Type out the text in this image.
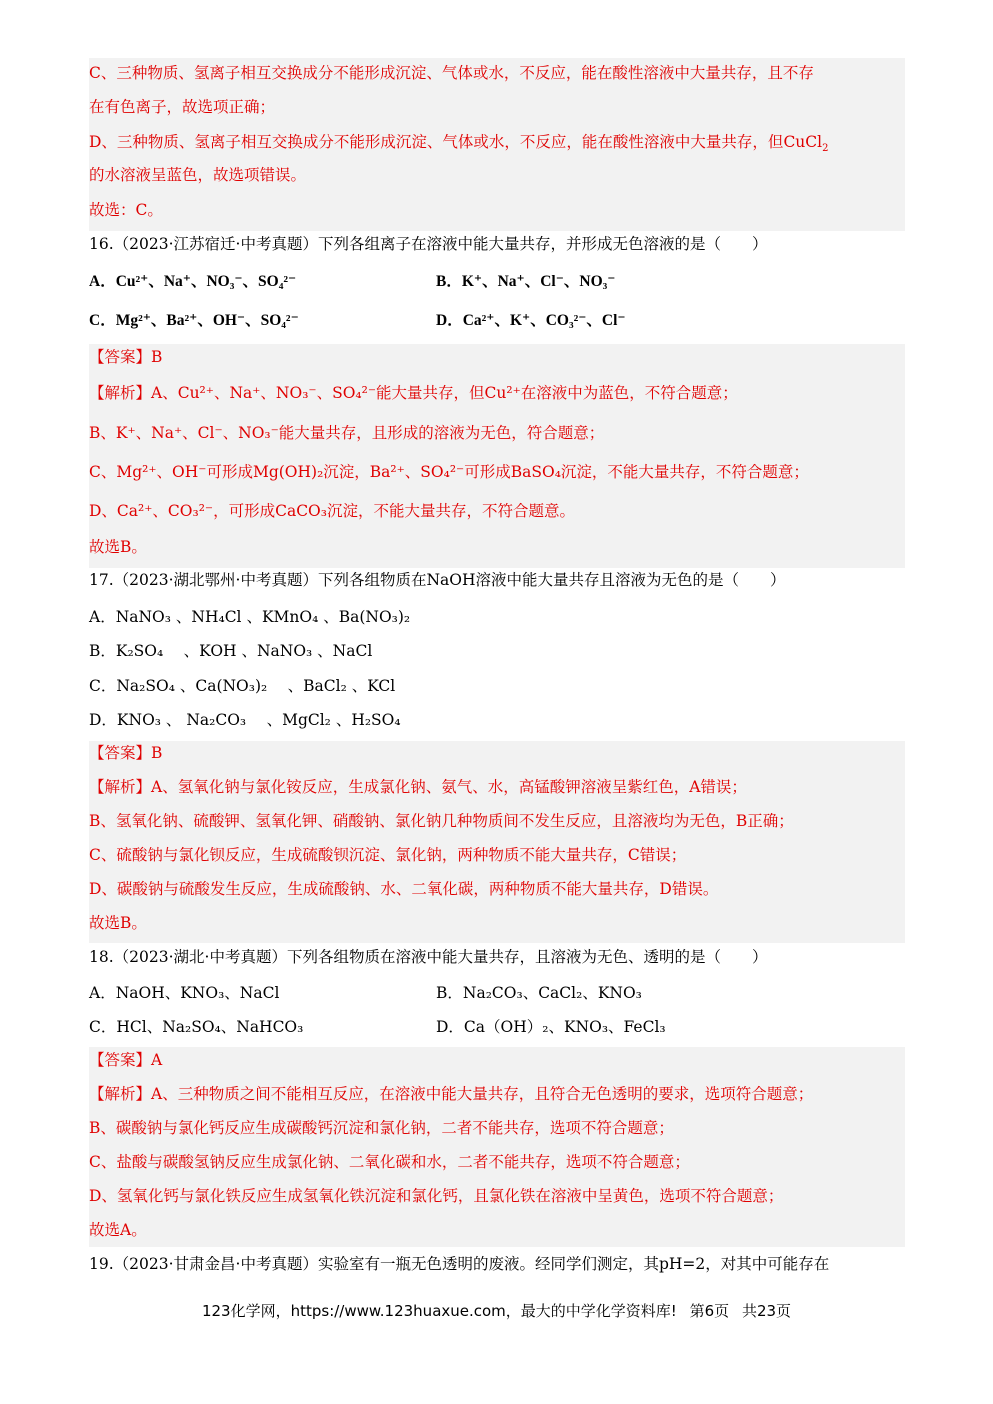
C、三种物质、氢离子相互交换成分不能形成沉淀、气体或水，不反应，能在酸性溶液中大量共存，且不存
在有色离子，故选项正确；
D、三种物质、氢离子相互交换成分不能形成沉淀、气体或水，不反应，能在酸性溶液中大量共存，但CuCl$_2$
的水溶液呈蓝色，故选项错误。
故选：C。
16.（2023·江苏宿迁·中考真题）下列各组离子在溶液中能大量共存，并形成无色溶液的是（　　）
A．Cu²⁺、Na⁺、NO₃⁻、SO₄²⁻	B．K⁺、Na⁺、Cl⁻、NO₃⁻
C．Mg²⁺、Ba²⁺、OH⁻、SO₄²⁻	D．Ca²⁺、K⁺、CO₃²⁻、Cl⁻
【答案】B
【解析】A、Cu²⁺、Na⁺、NO₃⁻、SO₄²⁻能大量共存，但Cu²⁺在溶液中为蓝色，不符合题意；
B、K⁺、Na⁺、Cl⁻、NO₃⁻能大量共存，且形成的溶液为无色，符合题意；
C、Mg²⁺、OH⁻可形成Mg(OH)₂沉淀，Ba²⁺、SO₄²⁻可形成BaSO₄沉淀，不能大量共存，不符合题意；
D、Ca²⁺、CO₃²⁻，可形成CaCO₃沉淀，不能大量共存，不符合题意。
故选B。
17.（2023·湖北鄂州·中考真题）下列各组物质在NaOH溶液中能大量共存且溶液为无色的是（　　）
A．NaNO₃ 、NH₄Cl 、KMnO₄ 、Ba(NO₃)₂
B．K₂SO₄　 、KOH 、NaNO₃ 、NaCl
C．Na₂SO₄ 、Ca(NO₃)₂　 、BaCl₂ 、KCl
D．KNO₃ 、 Na₂CO₃　 、MgCl₂ 、H₂SO₄
【答案】B
【解析】A、氢氧化钠与氯化铵反应，生成氯化钠、氨气、水，高锰酸钾溶液呈紫红色，A错误；
B、氢氧化钠、硫酸钾、氢氧化钾、硝酸钠、氯化钠几种物质间不发生反应，且溶液均为无色，B正确；
C、硫酸钠与氯化钡反应，生成硫酸钡沉淀、氯化钠，两种物质不能大量共存，C错误；
D、碳酸钠与硫酸发生反应，生成硫酸钠、水、二氧化碳，两种物质不能大量共存，D错误。
故选B。
18.（2023·湖北·中考真题）下列各组物质在溶液中能大量共存，且溶液为无色、透明的是（　　）
A．NaOH、KNO₃、NaCl	B．Na₂CO₃、CaCl₂、KNO₃
C．HCl、Na₂SO₄、NaHCO₃	D．Ca（OH）₂、KNO₃、FeCl₃
【答案】A
【解析】A、三种物质之间不能相互反应，在溶液中能大量共存，且符合无色透明的要求，选项符合题意；
B、碳酸钠与氯化钙反应生成碳酸钙沉淀和氯化钠，二者不能共存，选项不符合题意；
C、盐酸与碳酸氢钠反应生成氯化钠、二氧化碳和水，二者不能共存，选项不符合题意；
D、氢氧化钙与氯化铁反应生成氢氧化铁沉淀和氯化钙，且氯化铁在溶液中呈黄色，选项不符合题意；
故选A。
19.（2023·甘肃金昌·中考真题）实验室有一瓶无色透明的废液。经同学们测定，其pH=2，对其中可能存在
123化学网，https://www.123huaxue.com，最大的中学化学资料库! 第6页 共23页
